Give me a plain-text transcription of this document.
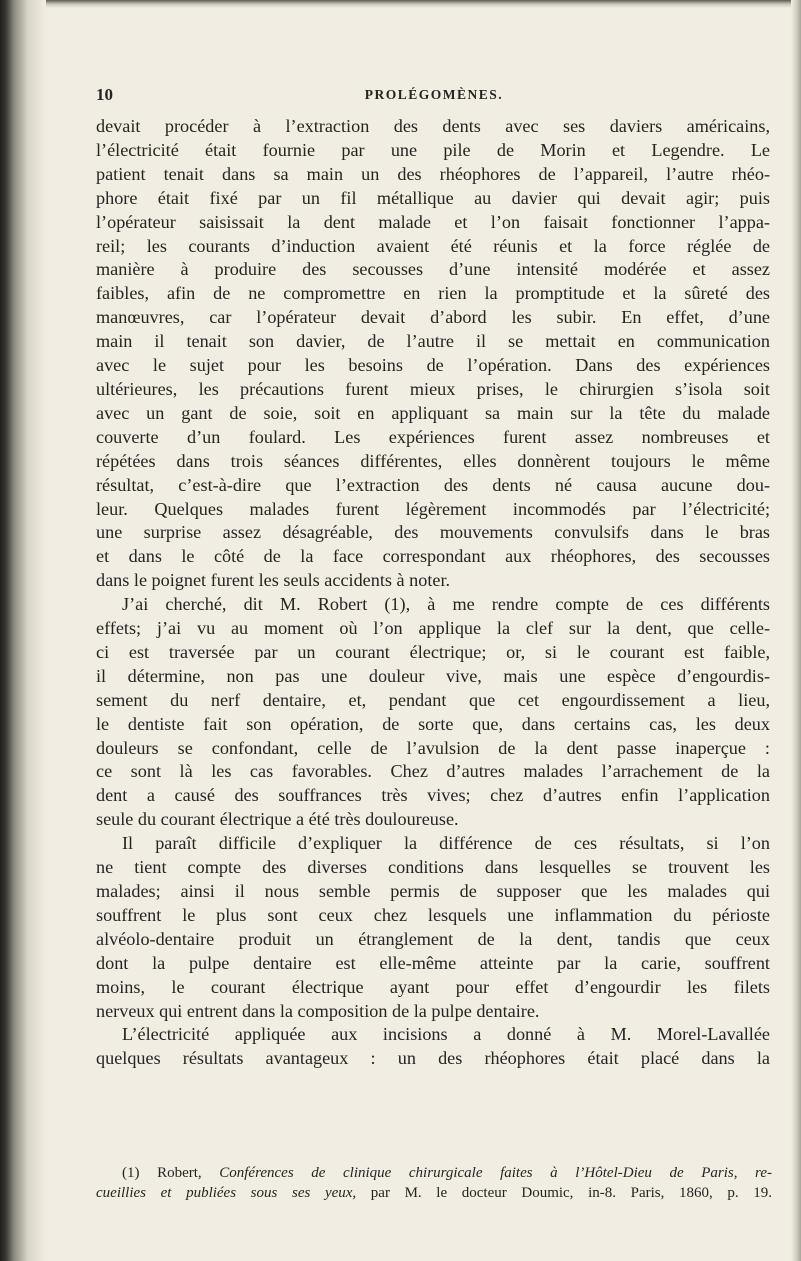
10	PROLÉGOMÈNES.
devait procéder à l’extraction des dents avec ses daviers américains,
l’électricité était fournie par une pile de Morin et Legendre. Le
patient tenait dans sa main un des rhéophores de l’appareil, l’autre rhéo-
phore était fixé par un fil métallique au davier qui devait agir; puis
l’opérateur saisissait la dent malade et l’on faisait fonctionner l’appa-
reil; les courants d’induction avaient été réunis et la force réglée de
manière à produire des secousses d’une intensité modérée et assez
faibles, afin de ne compromettre en rien la promptitude et la sûreté des
manœuvres, car l’opérateur devait d’abord les subir. En effet, d’une
main il tenait son davier, de l’autre il se mettait en communication
avec le sujet pour les besoins de l’opération. Dans des expériences
ultérieures, les précautions furent mieux prises, le chirurgien s’isola soit
avec un gant de soie, soit en appliquant sa main sur la tête du malade
couverte d’un foulard. Les expériences furent assez nombreuses et
répétées dans trois séances différentes, elles donnèrent toujours le même
résultat, c’est-à-dire que l’extraction des dents né causa aucune dou-
leur. Quelques malades furent légèrement incommodés par l’électricité;
une surprise assez désagréable, des mouvements convulsifs dans le bras
et dans le côté de la face correspondant aux rhéophores, des secousses
dans le poignet furent les seuls accidents à noter.
J’ai cherché, dit M. Robert (1), à me rendre compte de ces différents
effets; j’ai vu au moment où l’on applique la clef sur la dent, que celle-
ci est traversée par un courant électrique; or, si le courant est faible,
il détermine, non pas une douleur vive, mais une espèce d’engourdis-
sement du nerf dentaire, et, pendant que cet engourdissement a lieu,
le dentiste fait son opération, de sorte que, dans certains cas, les deux
douleurs se confondant, celle de l’avulsion de la dent passe inaperçue :
ce sont là les cas favorables. Chez d’autres malades l’arrachement de la
dent a causé des souffrances très vives; chez d’autres enfin l’application
seule du courant électrique a été très douloureuse.
Il paraît difficile d’expliquer la différence de ces résultats, si l’on
ne tient compte des diverses conditions dans lesquelles se trouvent les
malades; ainsi il nous semble permis de supposer que les malades qui
souffrent le plus sont ceux chez lesquels une inflammation du périoste
alvéolo-dentaire produit un étranglement de la dent, tandis que ceux
dont la pulpe dentaire est elle-même atteinte par la carie, souffrent
moins, le courant électrique ayant pour effet d’engourdir les filets
nerveux qui entrent dans la composition de la pulpe dentaire.
L’électricité appliquée aux incisions a donné à M. Morel-Lavallée
quelques résultats avantageux : un des rhéophores était placé dans la
(1) Robert, Conférences de clinique chirurgicale faites à l’Hôtel-Dieu de Paris, re-
cueillies et publiées sous ses yeux, par M. le docteur Doumic, in-8. Paris, 1860, p. 19.
